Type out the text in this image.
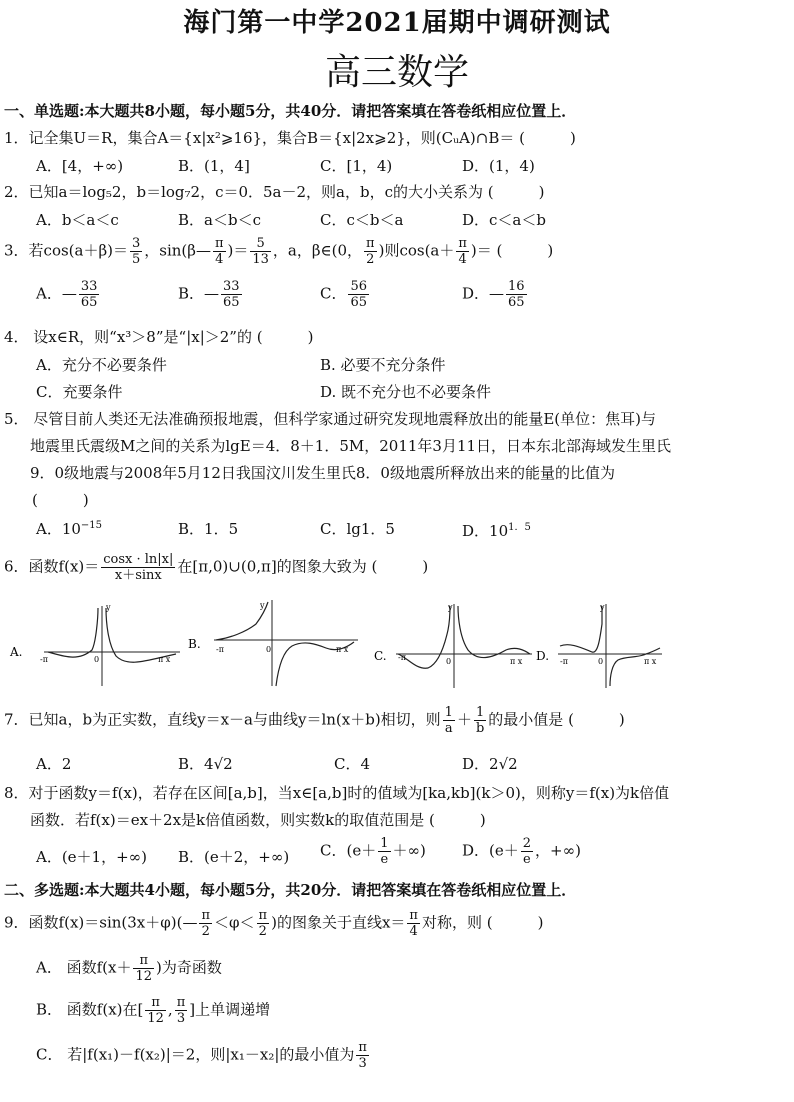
海门第一中学2021届期中调研测试
高三数学
一、单选题:本大题共8小题，每小题5分，共40分．请把答案填在答卷纸相应位置上．
1．记全集U＝R，集合A＝{x|x²⩾16}，集合B＝{x|2x⩾2}，则(CᵤA)∩B＝ (　　　)
A．[4，+∞)	B．(1，4]	C．[1，4)	D．(1，4)
2．已知a＝log₅2，b＝log₇2，c＝0．5a－2，则a，b，c的大小关系为 (　　　)
A．b＜a＜c	B．a＜b＜c	C．c＜b＜a	D．c＜a＜b
3．若$\cos(a+\beta)= \frac{3}{5}$ ，sin(β— $\frac{\pi}{4}$ )＝ $\frac{5}{13}$ ，a，β∈(0， $\frac{\pi}{2}$ )则$\cos(a+ \frac{\pi}{4}$ )＝ (　　　)
A．— $\frac{33}{65}$	B．— $\frac{33}{65}$	C． $\frac{56}{65}$	D．— $\frac{16}{65}$
4． 设x∈R，则“x³＞8”是“|x|＞2”的 (　　　)
A．充分不必要条件	B. 必要不充分条件
C．充要条件	D. 既不充分也不必要条件
5． 尽管目前人类还无法准确预报地震，但科学家通过研究发现地震释放出的能量E(单位：焦耳)与
地震里氏震级M之间的关系为lgE＝4．8＋1．5M，2011年3月11日，日本东北部海域发生里氏
9．0级地震与2008年5月12日我国汶川发生里氏8．0级地震所释放出来的能量的比值为
(　　　)
A．$10^{-15}$	B．1．5	C．lg1．5	D．$10^{1.5}$
6．函数$f(x)= \frac{\cos x \cdot \ln|x|}{x+\sin x}$ 在[π,0)∪(0,π]的图象大致为 (　　　)
A.
-π	0
y
π x
B. -π	0
y
π x C. -π	0
y
π x D. -π	0
y
π x
7．已知a，b为正实数，直线y＝x－a与曲线y＝ln(x＋b)相切，则 $\frac{1}{a} + \frac{1}{b}$ 的最小值是 (　　　)
A．2	B．4√2	C．4	D．2√2
8．对于函数y＝f(x)，若存在区间[a,b]，当x∈[a,b]时的值域为[ka,kb](k＞0)，则称y＝f(x)为k倍值
函数．若f(x)＝ex＋2x是k倍值函数，则实数k的取值范围是 (　　　)
A．(e＋1，+∞) B．(e＋2，+∞) C．($e+ \frac{1}{e}$ ＋∞) D．($e+ \frac{2}{e}$ ，+∞)
二、多选题:本大题共4小题，每小题5分，共20分．请把答案填在答卷纸相应位置上．
9．函数f(x)＝sin(3x＋φ)(— $\frac{\pi}{2} <\varphi< \frac{\pi}{2}$ )的图象关于直线$x= \frac{\pi}{4}$ 对称，则 (　　　)
A． 函数$f(x+ \frac{\pi}{12}$ )为奇函数
B． 函数f(x)在[ $\frac{\pi}{12}$ , $\frac{\pi}{3}$ ]上单调递增
C． 若|f(x₁)－f(x₂)|＝2，则|x₁－x₂|的最小值为 $\frac{\pi}{3}$
